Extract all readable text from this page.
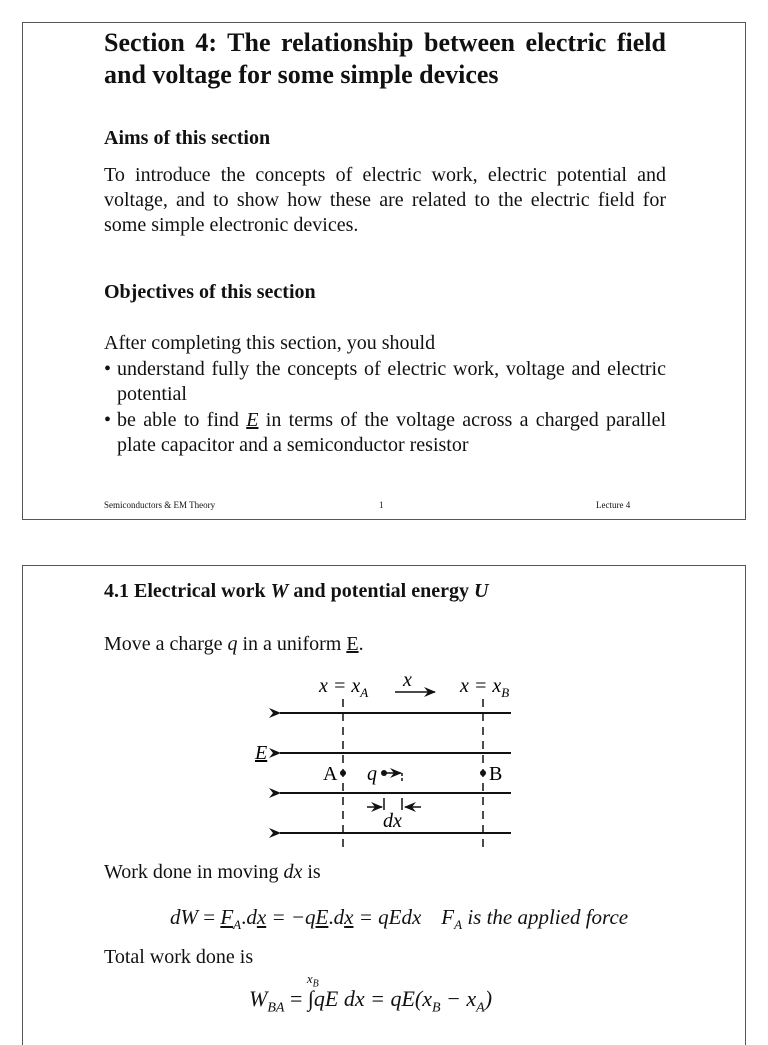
Section 4: The relationship between electric field and voltage for some simple devices
Aims of this section

To introduce the concepts of electric work, electric potential and voltage, and to show how these are related to the electric field for some simple electronic devices.

Objectives of this section

After completing this section, you should

• understand fully the concepts of electric work, voltage and electric potential
• be able to find E in terms of the voltage across a charged parallel plate capacitor and a semiconductor resistor
Semiconductors & EM Theory	1	Lecture 4
4.1 Electrical work W and potential energy U

Move a charge q in a uniform E.

$x = x_A$
x $x = x_B$
E
A q	B
dx

Work done in moving dx is

dW = $F_A.dx = -qE.dx$ = qEdx $F_A$ is the applied force

Total work done is

$W_{BA}$ =
$x_B$
∫qE dx = $qE(x_B - x_A)$
